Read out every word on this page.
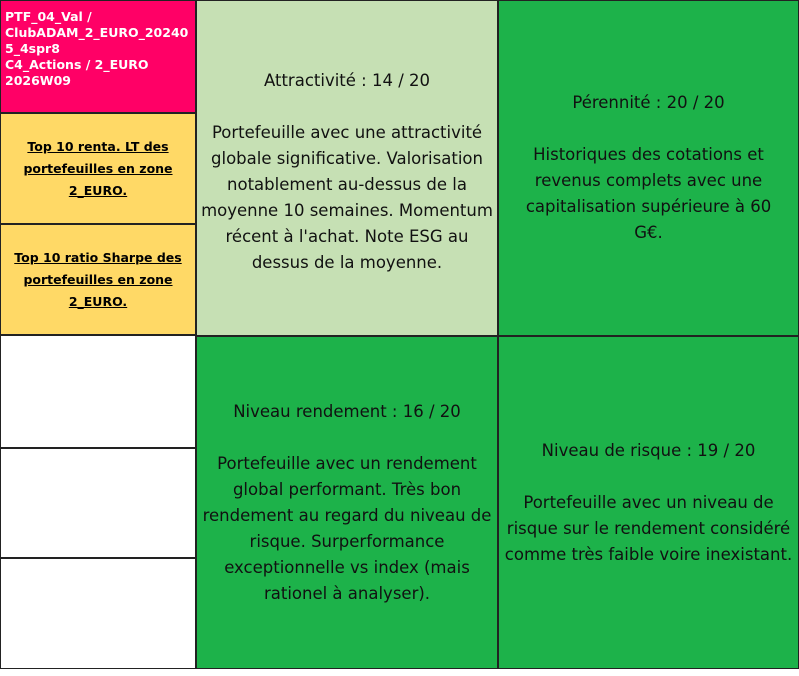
PTF_04_Val /
ClubADAM_2_EURO_20240
5_4spr8
C4_Actions / 2_EURO
2026W09
Top 10 renta. LT des portefeuilles en zone 2_EURO.
Top 10 ratio Sharpe des portefeuilles en zone 2_EURO.
Attractivité : 14 / 20
Portefeuille avec une attractivité globale significative. Valorisation notablement au-dessus de la moyenne 10 semaines. Momentum récent à l'achat. Note ESG au dessus de la moyenne.
Pérennité : 20 / 20
Historiques des cotations et revenus complets avec une capitalisation supérieure à 60 G€.
Niveau rendement : 16 / 20
Portefeuille avec un rendement global performant. Très bon rendement au regard du niveau de risque. Surperformance exceptionnelle vs index (mais rationel à analyser).
Niveau de risque : 19 / 20
Portefeuille avec un niveau de risque sur le rendement considéré comme très faible voire inexistant.
